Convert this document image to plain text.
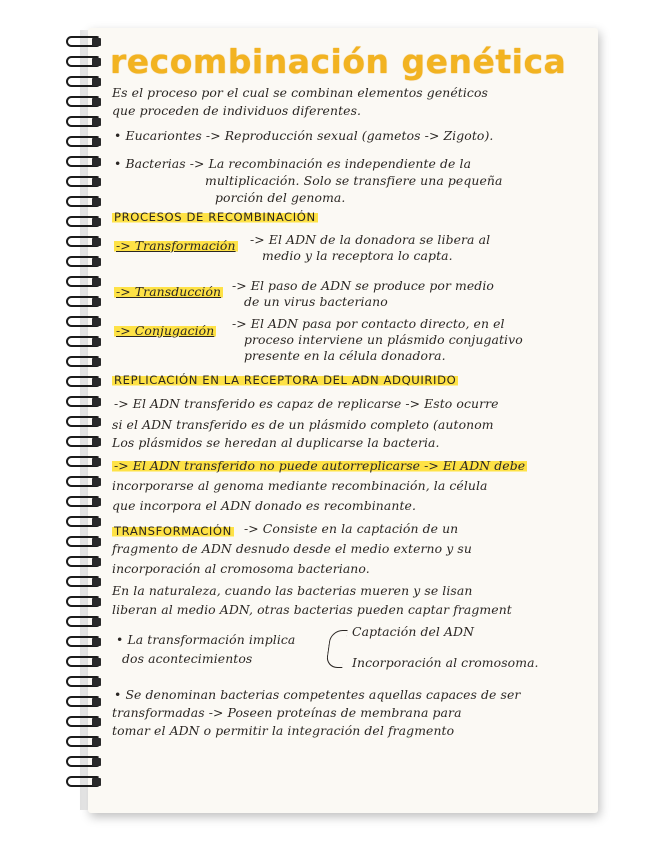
recombinación genética
Es el proceso por el cual se combinan elementos genéticos
que proceden de individuos diferentes.
• Eucariontes -> Reproducción sexual (gametos -> Zigoto).
• Bacterias -> La recombinación es independiente de la
multiplicación. Solo se transfiere una pequeña
porción del genoma.
PROCESOS DE RECOMBINACIÓN
-> Transformación -> El ADN de la donadora se libera al
medio y la receptora lo capta.
-> Transducción -> El paso de ADN se produce por medio
de un virus bacteriano
-> Conjugación -> El ADN pasa por contacto directo, en el
proceso interviene un plásmido conjugativo
presente en la célula donadora.
REPLICACIÓN EN LA RECEPTORA DEL ADN ADQUIRIDO
-> El ADN transferido es capaz de replicarse -> Esto ocurre
si el ADN transferido es de un plásmido completo (autonom
Los plásmidos se heredan al duplicarse la bacteria.
-> El ADN transferido no puede autorreplicarse -> El ADN debe
incorporarse al genoma mediante recombinación, la célula
que incorpora el ADN donado es recombinante.
TRANSFORMACIÓN -> Consiste en la captación de un
fragmento de ADN desnudo desde el medio externo y su
incorporación al cromosoma bacteriano.
En la naturaleza, cuando las bacterias mueren y se lisan
liberan al medio ADN, otras bacterias pueden captar fragment
• La transformación implica
dos acontecimientos
Captación del ADN
Incorporación al cromosoma.
• Se denominan bacterias competentes aquellas capaces de ser
transformadas -> Poseen proteínas de membrana para
tomar el ADN o permitir la integración del fragmento
